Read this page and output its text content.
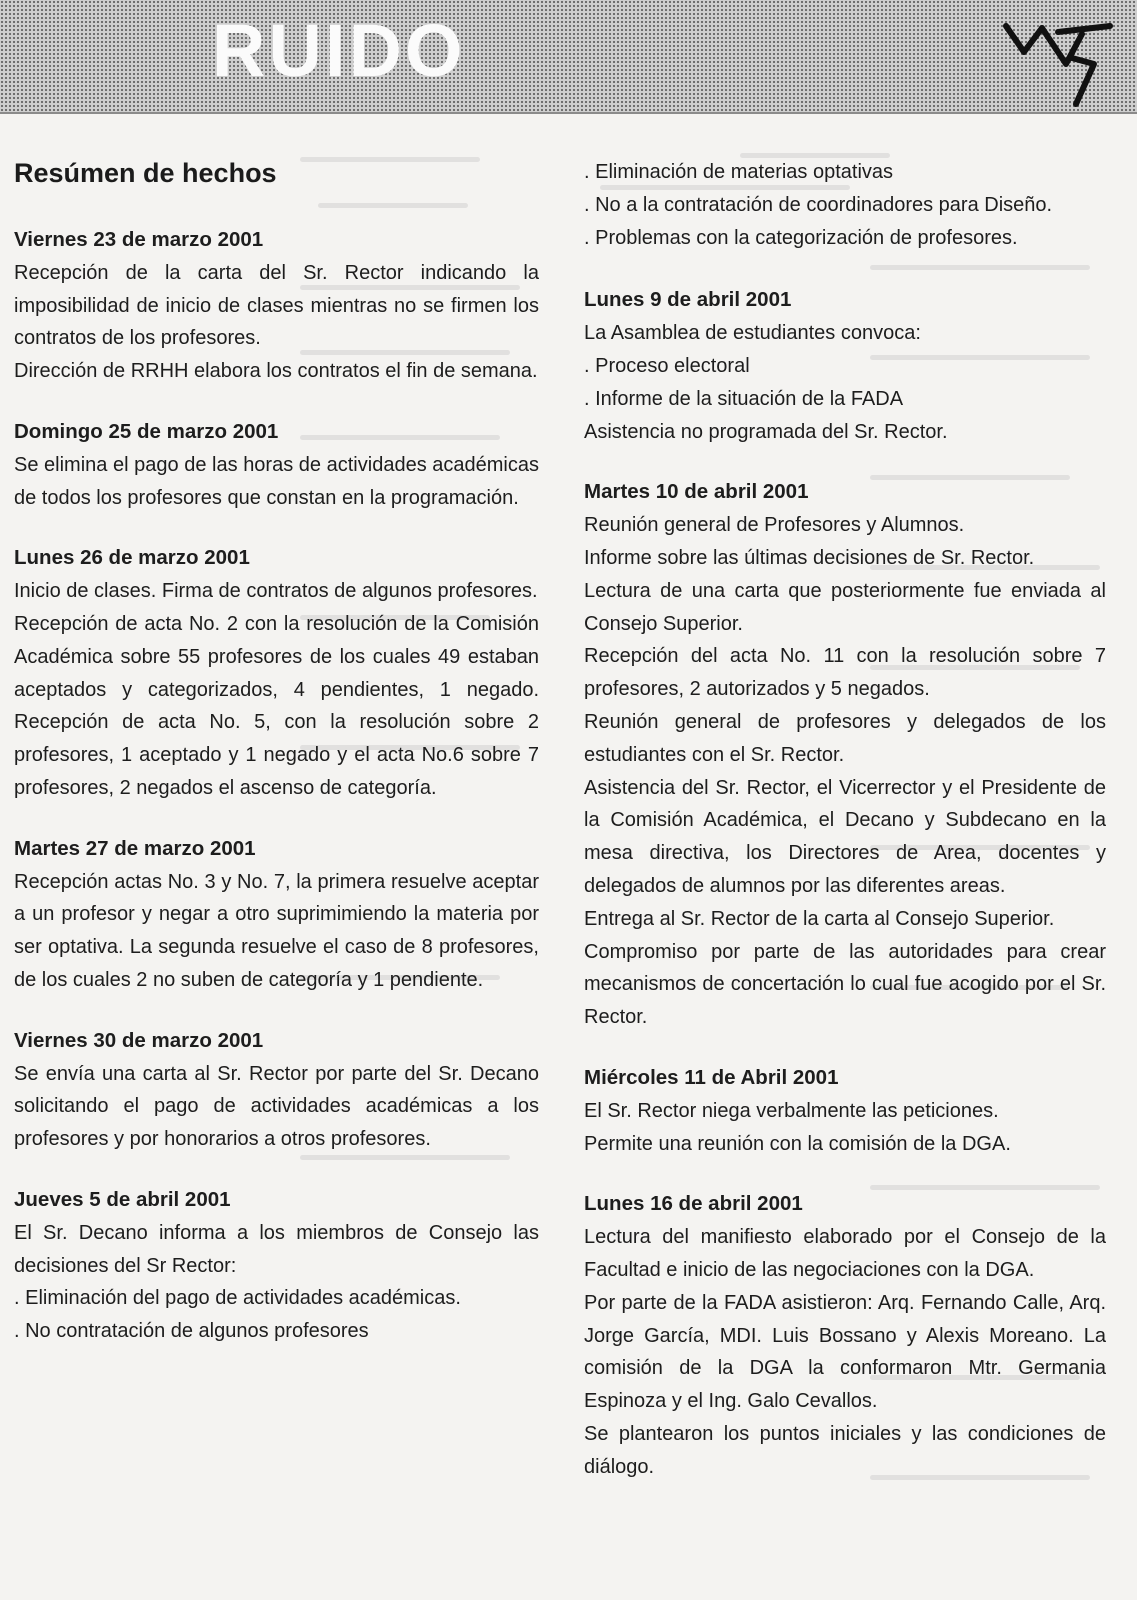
RUIDO
Resúmen de hechos

Viernes 23 de marzo 2001

Recepción de la carta del Sr. Rector indicando la imposibilidad de inicio de clases mientras no se firmen los contratos de los profesores.

Dirección de RRHH elabora los contratos el fin de semana.

Domingo 25 de marzo 2001

Se elimina el pago de las horas de actividades académicas de todos los profesores que constan en la programación.

Lunes 26 de marzo 2001

Inicio de clases. Firma de contratos de algunos profesores.

Recepción de acta No. 2 con la resolución de la Comisión Académica sobre 55 profesores de los cuales 49 estaban aceptados y categorizados, 4 pendientes, 1 negado. Recepción de acta No. 5, con la resolución sobre 2 profesores, 1 aceptado y 1 negado y el acta No.6 sobre 7 profesores, 2 negados el ascenso de categoría.

Martes 27 de marzo 2001

Recepción actas No. 3 y No. 7, la primera resuelve aceptar a un profesor y negar a otro suprimimiendo la materia por ser optativa. La segunda resuelve el caso de 8 profesores, de los cuales 2 no suben de categoría y 1 pendiente.

Viernes 30 de marzo 2001

Se envía una carta al Sr. Rector por parte del Sr. Decano solicitando el pago de actividades académicas a los profesores y por honorarios a otros profesores.

Jueves 5 de abril 2001

El Sr. Decano informa a los miembros de Consejo las decisiones del Sr Rector:

. Eliminación del pago de actividades académicas.

. No contratación de algunos profesores

. Eliminación de materias optativas

. No a la contratación de coordinadores para Diseño.

. Problemas con la categorización de profesores.

Lunes 9 de abril 2001

La Asamblea de estudiantes convoca:

. Proceso electoral

. Informe de la situación de la FADA

Asistencia no programada del Sr. Rector.

Martes 10 de abril 2001

Reunión general de Profesores y Alumnos.

Informe sobre las últimas decisiones de Sr. Rector.

Lectura de una carta que posteriormente fue enviada al Consejo Superior.

Recepción del acta No. 11 con la resolución sobre 7 profesores, 2 autorizados y 5 negados.

Reunión general de profesores y delegados de los estudiantes con el Sr. Rector.

Asistencia del Sr. Rector, el Vicerrector y el Presidente de la Comisión Académica, el Decano y Subdecano en la mesa directiva, los Directores de Area, docentes y delegados de alumnos por las diferentes areas.

Entrega al Sr. Rector de la carta al Consejo Superior.

Compromiso por parte de las autoridades para crear mecanismos de concertación lo cual fue acogido por el Sr. Rector.

Miércoles 11 de Abril 2001

El Sr. Rector niega verbalmente las peticiones.

Permite una reunión con la comisión de la DGA.

Lunes 16 de abril 2001

Lectura del manifiesto elaborado por el Consejo de la Facultad e inicio de las negociaciones con la DGA.

Por parte de la FADA asistieron: Arq. Fernando Calle, Arq. Jorge García, MDI. Luis Bossano y Alexis Moreano. La comisión de la DGA la conformaron Mtr. Germania Espinoza y el Ing. Galo Cevallos.

Se plantearon los puntos iniciales y las condiciones de diálogo.
